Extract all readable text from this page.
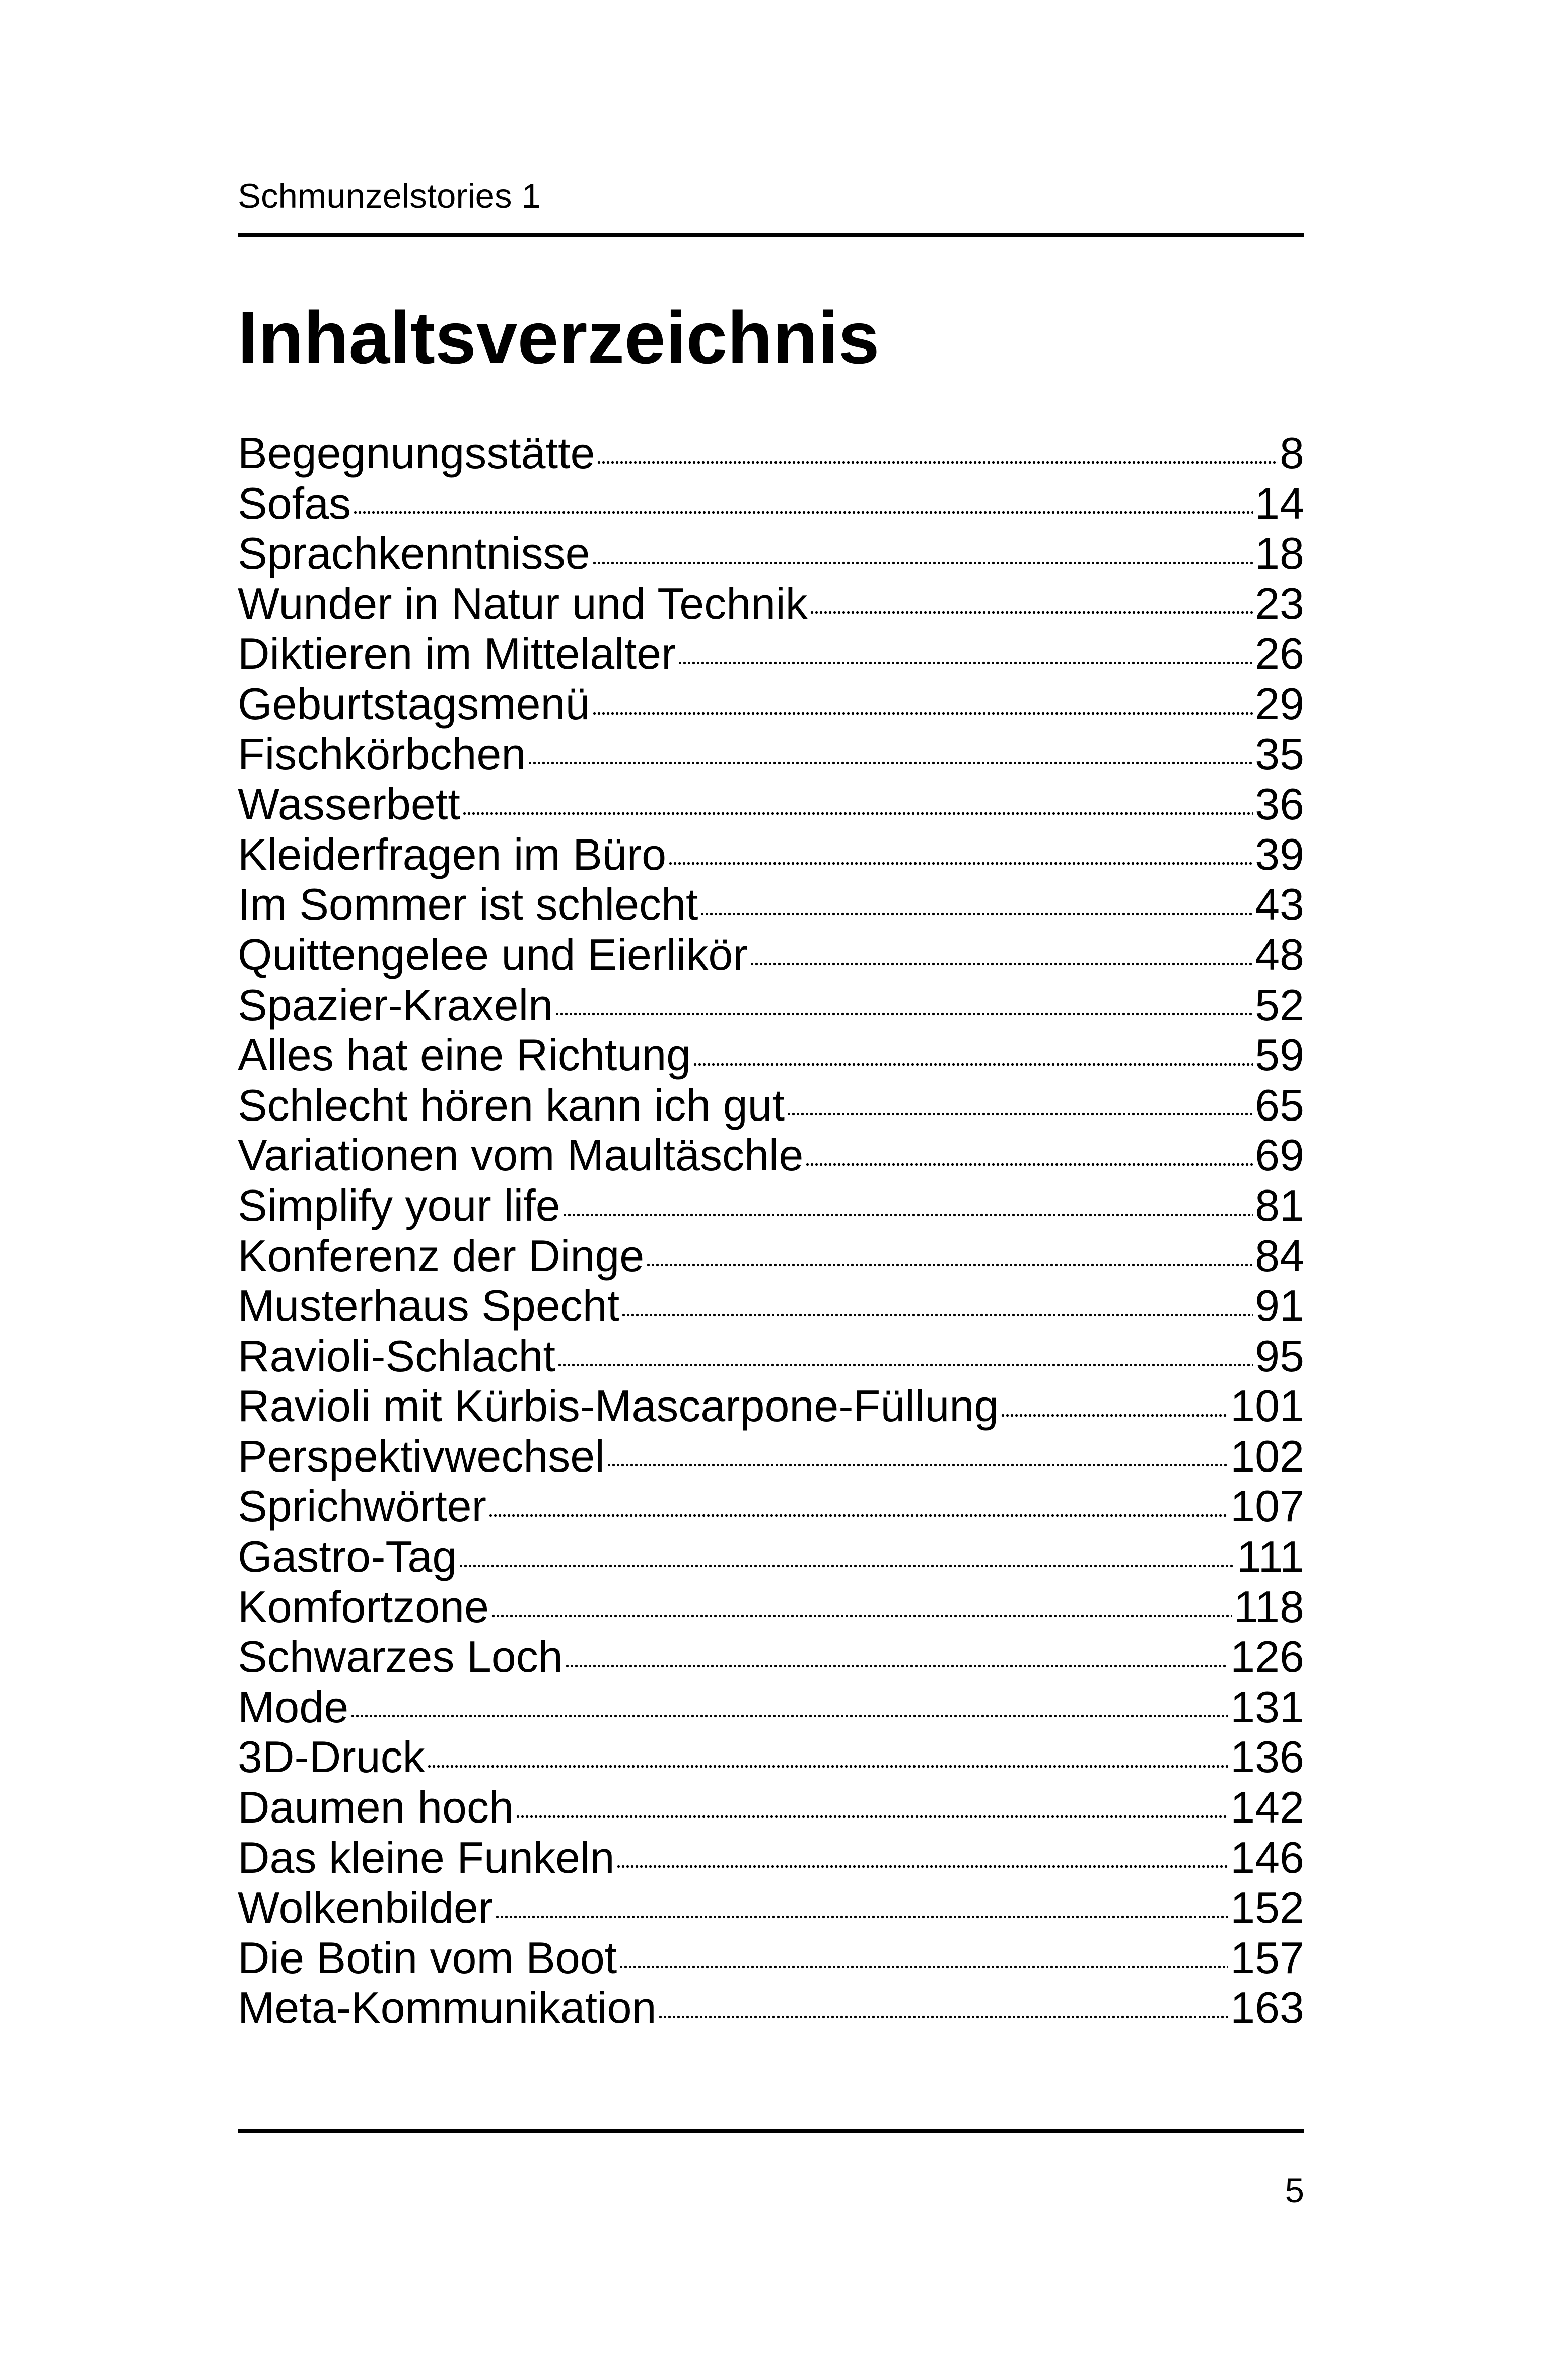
Schmunzelstories 1
Inhaltsverzeichnis
Begegnungsstätte	8
Sofas	14
Sprachkenntnisse	18
Wunder in Natur und Technik	23
Diktieren im Mittelalter	26
Geburtstagsmenü	29
Fischkörbchen	35
Wasserbett	36
Kleiderfragen im Büro	39
Im Sommer ist schlecht	43
Quittengelee und Eierlikör	48
Spazier-Kraxeln	52
Alles hat eine Richtung	59
Schlecht hören kann ich gut	65
Variationen vom Maultäschle	69
Simplify your life	81
Konferenz der Dinge	84
Musterhaus Specht	91
Ravioli-Schlacht	95
Ravioli mit Kürbis-Mascarpone-Füllung	101
Perspektivwechsel	102
Sprichwörter	107
Gastro-Tag	111
Komfortzone	118
Schwarzes Loch	126
Mode	131
3D-Druck	136
Daumen hoch	142
Das kleine Funkeln	146
Wolkenbilder	152
Die Botin vom Boot	157
Meta-Kommunikation	163
5
